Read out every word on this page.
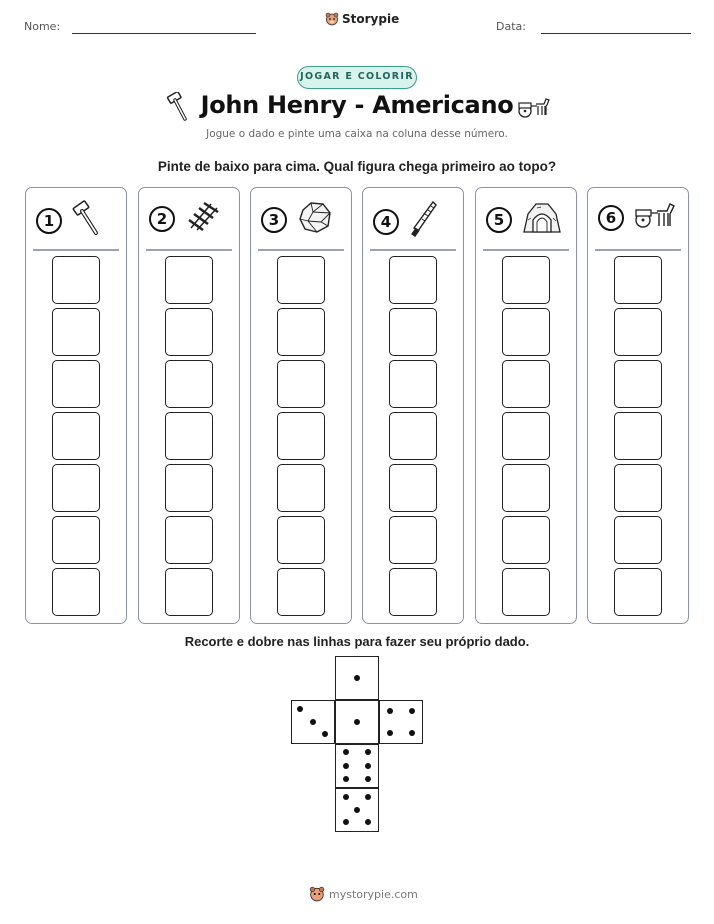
Nome:
Storypie
Data:
JOGAR E COLORIR
John Henry - Americano
Jogue o dado e pinte uma caixa na coluna desse número.
Pinte de baixo para cima. Qual figura chega primeiro ao topo?
1	2	3	4	5	6
Recorte e dobre nas linhas para fazer seu próprio dado.
mystorypie.com
